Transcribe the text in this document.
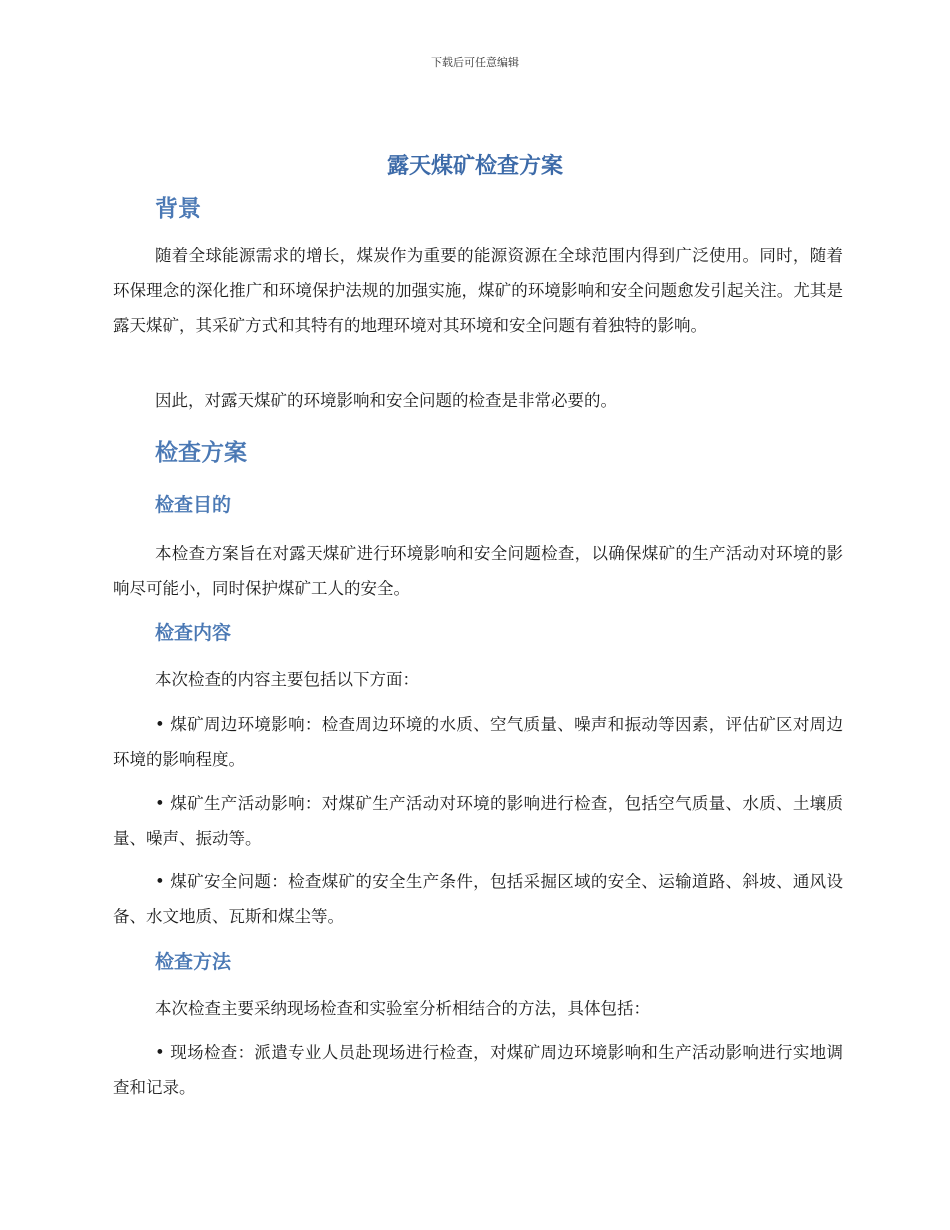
下载后可任意编辑
露天煤矿检查方案
背景

随着全球能源需求的增长，煤炭作为重要的能源资源在全球范围内得到广泛使用。同时，随着环保理念的深化推广和环境保护法规的加强实施，煤矿的环境影响和安全问题愈发引起关注。尤其是露天煤矿，其采矿方式和其特有的地理环境对其环境和安全问题有着独特的影响。

因此，对露天煤矿的环境影响和安全问题的检查是非常必要的。

检查方案
检查目的

本检查方案旨在对露天煤矿进行环境影响和安全问题检查，以确保煤矿的生产活动对环境的影响尽可能小，同时保护煤矿工人的安全。

检查内容

本次检查的内容主要包括以下方面：

• 煤矿周边环境影响：检查周边环境的水质、空气质量、噪声和振动等因素，评估矿区对周边环境的影响程度。

• 煤矿生产活动影响：对煤矿生产活动对环境的影响进行检查，包括空气质量、水质、土壤质量、噪声、振动等。

• 煤矿安全问题：检查煤矿的安全生产条件，包括采掘区域的安全、运输道路、斜坡、通风设备、水文地质、瓦斯和煤尘等。

检查方法

本次检查主要采纳现场检查和实验室分析相结合的方法，具体包括：

• 现场检查：派遣专业人员赴现场进行检查，对煤矿周边环境影响和生产活动影响进行实地调查和记录。
